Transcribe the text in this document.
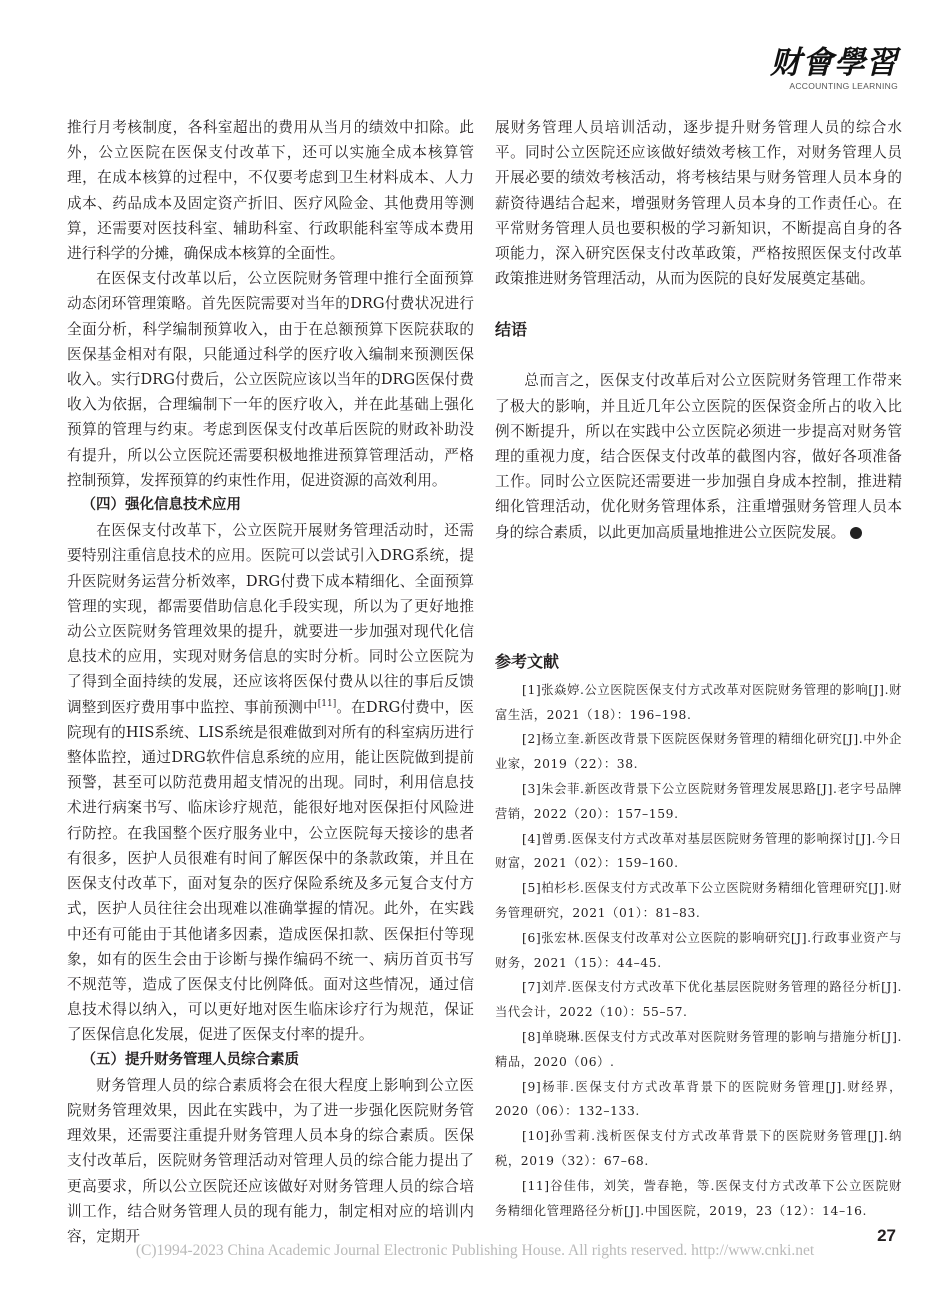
财會學習
ACCOUNTING LEARNING

推行月考核制度，各科室超出的费用从当月的绩效中扣除。此外，公立医院在医保支付改革下，还可以实施全成本核算管理，在成本核算的过程中，不仅要考虑到卫生材料成本、人力成本、药品成本及固定资产折旧、医疗风险金、其他费用等测算，还需要对医技科室、辅助科室、行政职能科室等成本费用进行科学的分摊，确保成本核算的全面性。

在医保支付改革以后，公立医院财务管理中推行全面预算动态闭环管理策略。首先医院需要对当年的DRG付费状况进行全面分析，科学编制预算收入，由于在总额预算下医院获取的医保基金相对有限，只能通过科学的医疗收入编制来预测医保收入。实行DRG付费后，公立医院应该以当年的DRG医保付费收入为依据，合理编制下一年的医疗收入，并在此基础上强化预算的管理与约束。考虑到医保支付改革后医院的财政补助没有提升，所以公立医院还需要积极地推进预算管理活动，严格控制预算，发挥预算的约束性作用，促进资源的高效利用。

（四）强化信息技术应用

在医保支付改革下，公立医院开展财务管理活动时，还需要特别注重信息技术的应用。医院可以尝试引入DRG系统，提升医院财务运营分析效率，DRG付费下成本精细化、全面预算管理的实现，都需要借助信息化手段实现，所以为了更好地推动公立医院财务管理效果的提升，就要进一步加强对现代化信息技术的应用，实现对财务信息的实时分析。同时公立医院为了得到全面持续的发展，还应该将医保付费从以往的事后反馈调整到医疗费用事中监控、事前预测中[11]。在DRG付费中，医院现有的HIS系统、LIS系统是很难做到对所有的科室病历进行整体监控，通过DRG软件信息系统的应用，能让医院做到提前预警，甚至可以防范费用超支情况的出现。同时，利用信息技术进行病案书写、临床诊疗规范，能很好地对医保拒付风险进行防控。在我国整个医疗服务业中，公立医院每天接诊的患者有很多，医护人员很难有时间了解医保中的条款政策，并且在医保支付改革下，面对复杂的医疗保险系统及多元复合支付方式，医护人员往往会出现难以准确掌握的情况。此外，在实践中还有可能由于其他诸多因素，造成医保扣款、医保拒付等现象，如有的医生会由于诊断与操作编码不统一、病历首页书写不规范等，造成了医保支付比例降低。面对这些情况，通过信息技术得以纳入，可以更好地对医生临床诊疗行为规范，保证了医保信息化发展，促进了医保支付率的提升。

（五）提升财务管理人员综合素质

财务管理人员的综合素质将会在很大程度上影响到公立医院财务管理效果，因此在实践中，为了进一步强化医院财务管理效果，还需要注重提升财务管理人员本身的综合素质。医保支付改革后，医院财务管理活动对管理人员的综合能力提出了更高要求，所以公立医院还应该做好对财务管理人员的综合培训工作，结合财务管理人员的现有能力，制定相对应的培训内容，定期开

展财务管理人员培训活动，逐步提升财务管理人员的综合水平。同时公立医院还应该做好绩效考核工作，对财务管理人员开展必要的绩效考核活动，将考核结果与财务管理人员本身的薪资待遇结合起来，增强财务管理人员本身的工作责任心。在平常财务管理人员也要积极的学习新知识，不断提高自身的各项能力，深入研究医保支付改革政策，严格按照医保支付改革政策推进财务管理活动，从而为医院的良好发展奠定基础。

结语

总而言之，医保支付改革后对公立医院财务管理工作带来了极大的影响，并且近几年公立医院的医保资金所占的收入比例不断提升，所以在实践中公立医院必须进一步提高对财务管理的重视力度，结合医保支付改革的截图内容，做好各项准备工作。同时公立医院还需要进一步加强自身成本控制，推进精细化管理活动，优化财务管理体系，注重增强财务管理人员本身的综合素质，以此更加高质量地推进公立医院发展。	H

参考文献

[1]张焱婷.公立医院医保支付方式改革对医院财务管理的影响[J].财富生活，2021（18）：196–198.

[2]杨立奎.新医改背景下医院医保财务管理的精细化研究[J].中外企业家，2019（22）：38.

[3]朱会菲.新医改背景下公立医院财务管理发展思路[J].老字号品牌营销，2022（20）：157–159.

[4]曾勇.医保支付方式改革对基层医院财务管理的影响探讨[J].今日财富，2021（02）：159–160.

[5]柏杉杉.医保支付方式改革下公立医院财务精细化管理研究[J].财务管理研究，2021（01）：81–83.

[6]张宏林.医保支付改革对公立医院的影响研究[J].行政事业资产与财务，2021（15）：44–45.

[7]刘芹.医保支付方式改革下优化基层医院财务管理的路径分析[J].当代会计，2022（10）：55–57.

[8]单晓琳.医保支付方式改革对医院财务管理的影响与措施分析[J].精品，2020（06）.

[9]杨菲.医保支付方式改革背景下的医院财务管理[J].财经界，2020（06）：132–133.

[10]孙雪莉.浅析医保支付方式改革背景下的医院财务管理[J].纳税，2019（32）：67–68.

[11]谷佳伟，刘笑，訾春艳，等.医保支付方式改革下公立医院财务精细化管理路径分析[J].中国医院，2019，23（12）：14–16.

27
(C)1994-2023 China Academic Journal Electronic Publishing House. All rights reserved. http://www.cnki.net
